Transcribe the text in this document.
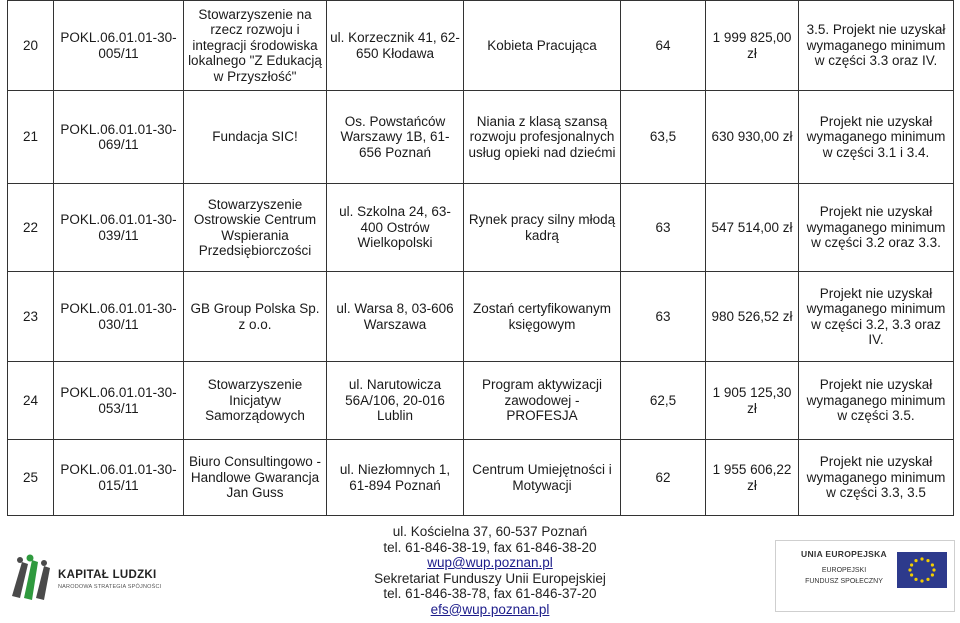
20	POKL.06.01.01-30-005/11	Stowarzyszenie na rzecz rozwoju i integracji środowiska lokalnego "Z Edukacją w Przyszłość"	ul. Korzecznik 41, 62-650 Kłodawa	Kobieta Pracująca	64	1 999 825,00 zł	3.5. Projekt nie uzyskał wymaganego minimum w części 3.3 oraz IV.
21	POKL.06.01.01-30-069/11	Fundacja SIC!	Os. Powstańców Warszawy 1B, 61-656 Poznań	Niania z klasą szansą rozwoju profesjonalnych usług opieki nad dziećmi	63,5	630 930,00 zł	Projekt nie uzyskał wymaganego minimum w części 3.1 i 3.4.
22	POKL.06.01.01-30-039/11	Stowarzyszenie Ostrowskie Centrum Wspierania Przedsiębiorczości	ul. Szkolna 24, 63-400 Ostrów Wielkopolski	Rynek pracy silny młodą kadrą	63	547 514,00 zł	Projekt nie uzyskał wymaganego minimum w części 3.2 oraz 3.3.
23	POKL.06.01.01-30-030/11	GB Group Polska Sp. z o.o.	ul. Warsa 8, 03-606 Warszawa	Zostań certyfikowanym księgowym	63	980 526,52 zł	Projekt nie uzyskał wymaganego minimum w części 3.2, 3.3 oraz IV.
24	POKL.06.01.01-30-053/11	Stowarzyszenie Inicjatyw Samorządowych	ul. Narutowicza 56A/106, 20-016 Lublin	Program aktywizacji zawodowej - PROFESJA	62,5	1 905 125,30 zł	Projekt nie uzyskał wymaganego minimum w części 3.5.
25	POKL.06.01.01-30-015/11	Biuro Consultingowo - Handlowe Gwarancja Jan Guss	ul. Niezłomnych 1, 61-894 Poznań	Centrum Umiejętności i Motywacji	62	1 955 606,22 zł	Projekt nie uzyskał wymaganego minimum w części 3.3, 3.5
ul. Kościelna 37, 60-537 Poznań
tel. 61-846-38-19, fax 61-846-38-20
wup@wup.poznan.pl
Sekretariat Funduszy Unii Europejskiej
tel. 61-846-38-78, fax 61-846-37-20
efs@wup.poznan.pl
KAPITAŁ LUDZKI
NARODOWA STRATEGIA SPÓJNOŚCI
UNIA EUROPEJSKA
EUROPEJSKI
FUNDUSZ SPOŁECZNY
